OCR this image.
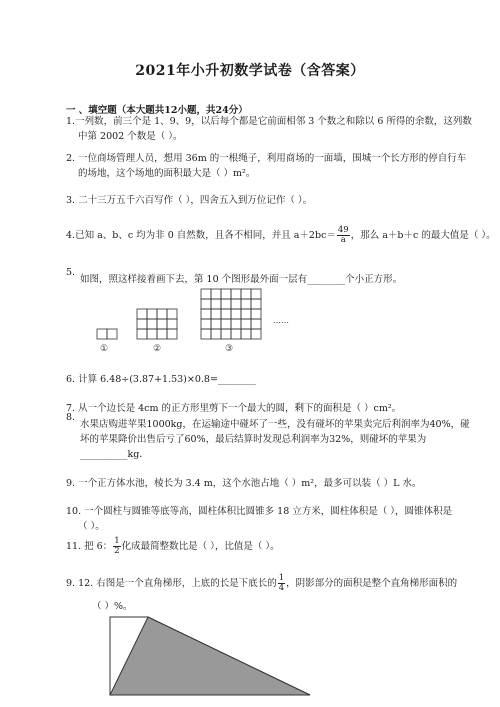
2021年小升初数学试卷（含答案）
一 、填空题（本大题共12小题，共24分）
1.一列数，前三个是 1、9、9，以后每个都是它前面相邻 3 个数之和除以 6 所得的余数，这列数
中第 2002 个数是（ ）。
2. 一位商场管理人员，想用 36m 的一根绳子，利用商场的一面墙，围城一个长方形的停自行车
的场地，这个场地的面积最大是（ ）m²。
3. 二十三万五千六百写作（ ），四舍五入到万位记作（ ）。
4.已知 a、b、c 均为非 0 自然数，且各不相同，并且 $a+2bc= \frac{49}{a}$ ，那么 a＋b＋c 的最大值是（ ）。
5.
如图，照这样接着画下去，第 10 个图形最外面一层有________个小正方形。
……
①	②	③
6. 计算 6.48÷(3.87+1.53)×0.8=________
7. 从一个边长是 4cm 的正方形里剪下一个最大的圆，剩下的面积是（ ）cm²。
8.
水果店购进苹果1000kg，在运输途中碰坏了一些，没有碰坏的苹果卖完后利润率为40%，碰
坏的苹果降价出售后亏了60%，最后结算时发现总利润率为32%，则碰坏的苹果为
__________kg．
9. 一个正方体水池，棱长为 3.4 m，这个水池占地（ ）m²，最多可以装（ ）L 水。
10. 一个圆柱与圆锥等底等高，圆柱体积比圆锥多 18 立方米，圆柱体积是（ ），圆锥体积是
（ ）。
11. 把 6： $\frac{1}{2}$ 化成最简整数比是（ ），比值是（ ）。
9. 12. 右图是一个直角梯形，上底的长是下底长的 $\frac{1}{4}$ ，阴影部分的面积是整个直角梯形面积的
（ ）%。
